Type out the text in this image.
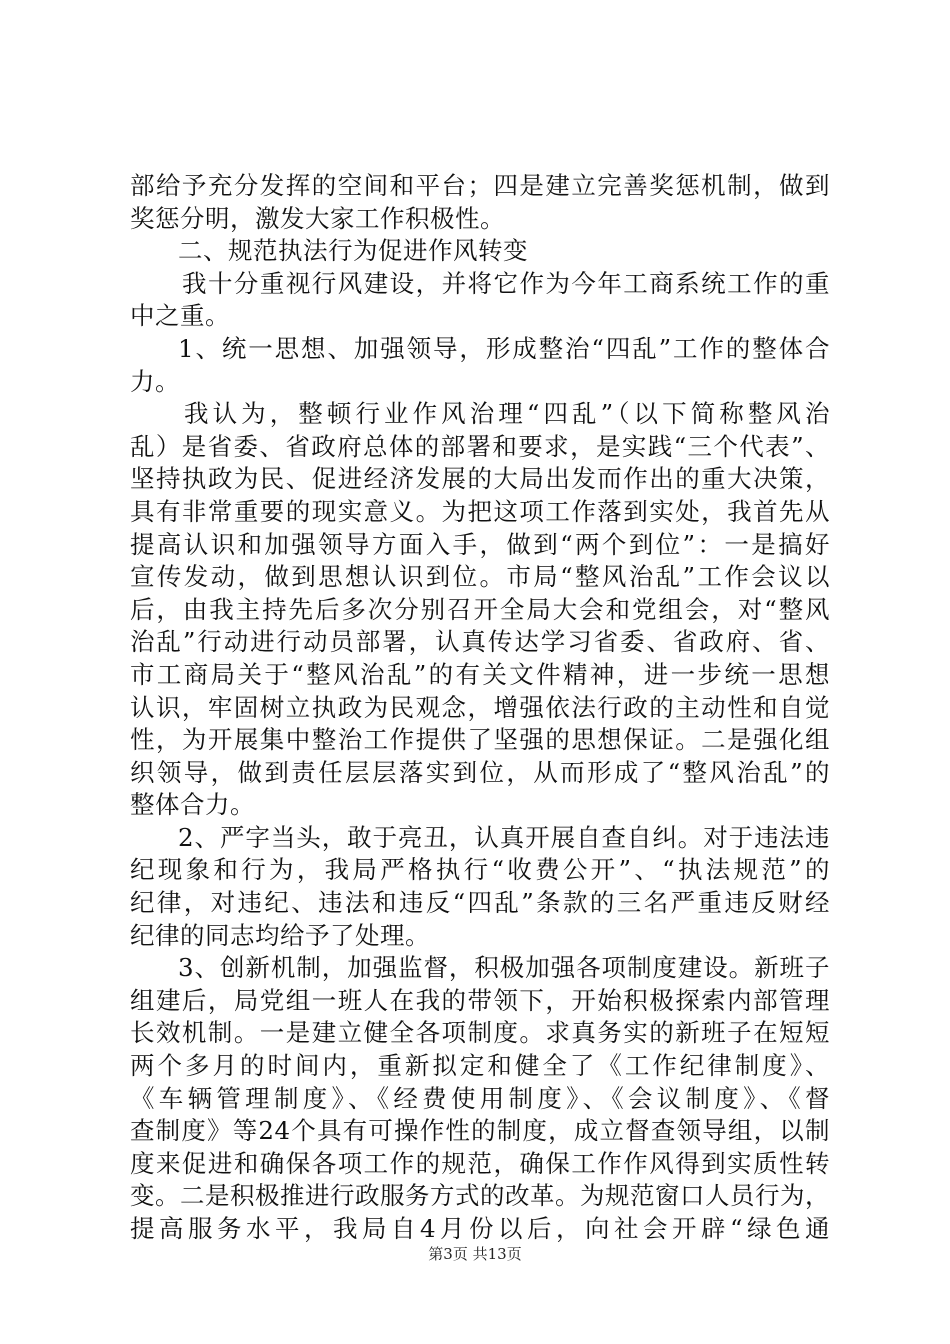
部给予充分发挥的空间和平台；四是建立完善奖惩机制，做到
奖惩分明，激发大家工作积极性。
二、规范执法行为促进作风转变
我十分重视行风建设，并将它作为今年工商系统工作的重
中之重。
1、统一思想、加强领导，形成整治“四乱”工作的整体合
力。
我认为，整顿行业作风治理“四乱”（以下简称整风治
乱）是省委、省政府总体的部署和要求，是实践“三个代表”、
坚持执政为民、促进经济发展的大局出发而作出的重大决策，
具有非常重要的现实意义。为把这项工作落到实处，我首先从
提高认识和加强领导方面入手，做到“两个到位”：一是搞好
宣传发动，做到思想认识到位。市局“整风治乱”工作会议以
后，由我主持先后多次分别召开全局大会和党组会，对“整风
治乱”行动进行动员部署，认真传达学习省委、省政府、省、
市工商局关于“整风治乱”的有关文件精神，进一步统一思想
认识，牢固树立执政为民观念，增强依法行政的主动性和自觉
性，为开展集中整治工作提供了坚强的思想保证。二是强化组
织领导，做到责任层层落实到位，从而形成了“整风治乱”的
整体合力。
2、严字当头，敢于亮丑，认真开展自查自纠。对于违法违
纪现象和行为，我局严格执行“收费公开”、“执法规范”的
纪律，对违纪、违法和违反“四乱”条款的三名严重违反财经
纪律的同志均给予了处理。
3、创新机制，加强监督，积极加强各项制度建设。新班子
组建后，局党组一班人在我的带领下，开始积极探索内部管理
长效机制。一是建立健全各项制度。求真务实的新班子在短短
两个多月的时间内，重新拟定和健全了《工作纪律制度》、
《车辆管理制度》、《经费使用制度》、《会议制度》、《督
查制度》等24个具有可操作性的制度，成立督查领导组，以制
度来促进和确保各项工作的规范，确保工作作风得到实质性转
变。二是积极推进行政服务方式的改革。为规范窗口人员行为，
提高服务水平，我局自4月份以后，向社会开辟“绿色通
第3页 共13页
